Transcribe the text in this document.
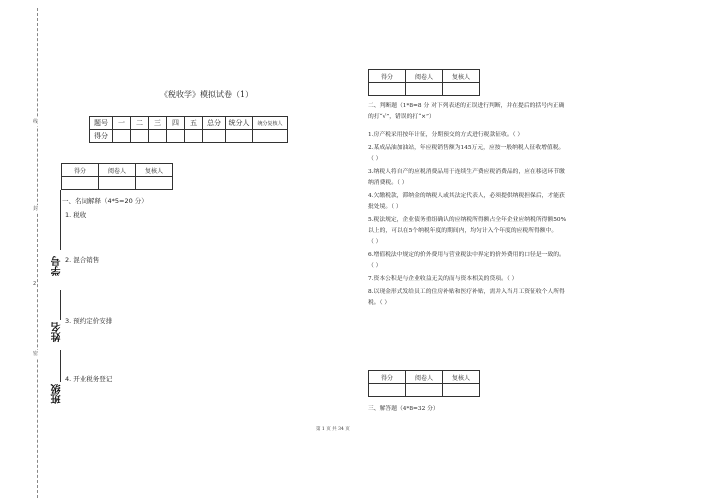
线
封
2
密
学号
姓名
班级
《税收学》模拟试卷（1）
题号	一	二	三	四	五	总分	统分人	统分复核人
得分								
得分	阅卷人	复核人

一、名词解释（4*5=20 分）
1. 税收
2. 混合销售
3. 预约定价安排
4. 开业税务登记
得分	阅卷人	复核人

二、判断题（1*8=8 分 对下列表述的正误进行判断，并在提后的括号内正确
的打“√”，错误的打“×”）
1.房产税采用按年计征，分期预交的方式进行税款征收。（ ）
2.某成品油加油站，年应税销售额为145万元，应按一般纳税人征收增值税。
（ ）
3.纳税人将自产的应税消费品用于连续生产费应税消费品的，应在移送环节缴
纳消费税。（ ）
4.欠缴税款，滞纳金的纳税人或其法定代表人，必须提供纳税担保后，才能获
批处境。（ ）
5.税法规定，企业债务重组确认的应纳税所得额占全年企业应纳税所得额50%
以上的，可以在5个纳税年度的期间内，均匀计入个年度的应税所得额中。
（ ）
6.增值税法中规定的价外费用与营业税法中界定的价外费用的口径是一致的。
（ ）
7.资本公积是与企业收益无关的而与资本相关的贷项。（ ）
8.以现金形式发给员工的住房补贴和医疗补贴，需并入当月工资征收个人所得
税。（ ）
得分	阅卷人	复核人

三、解答题（4*8=32 分）
第 1 页 共 34 页
